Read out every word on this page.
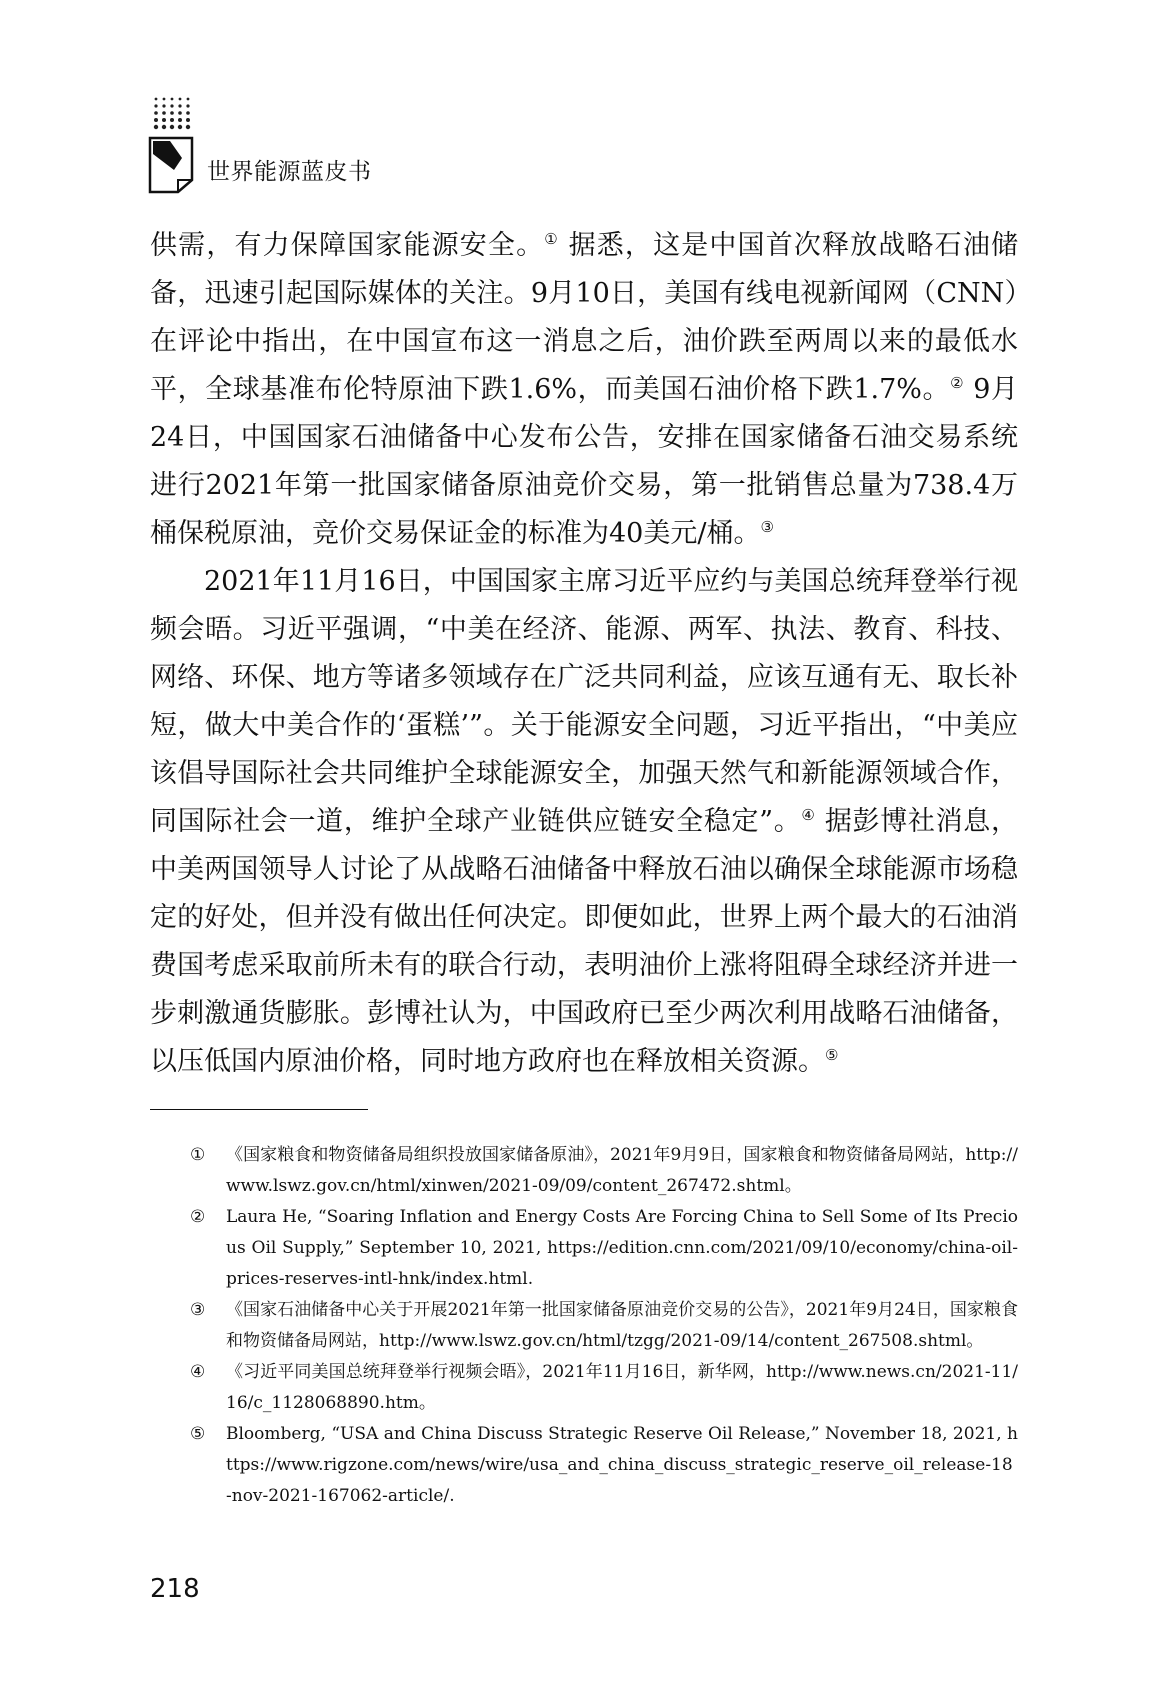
世界能源蓝皮书

供需，有力保障国家能源安全。① 据悉，这是中国首次释放战略石油储备，迅速引起国际媒体的关注。9月10日，美国有线电视新闻网（CNN）在评论中指出，在中国宣布这一消息之后，油价跌至两周以来的最低水平，全球基准布伦特原油下跌1.6%，而美国石油价格下跌1.7%。② 9月24日，中国国家石油储备中心发布公告，安排在国家储备石油交易系统进行2021年第一批国家储备原油竞价交易，第一批销售总量为738.4万桶保税原油，竞价交易保证金的标准为40美元/桶。③

2021年11月16日，中国国家主席习近平应约与美国总统拜登举行视频会晤。习近平强调，“中美在经济、能源、两军、执法、教育、科技、网络、环保、地方等诸多领域存在广泛共同利益，应该互通有无、取长补短，做大中美合作的‘蛋糕’”。关于能源安全问题，习近平指出，“中美应该倡导国际社会共同维护全球能源安全，加强天然气和新能源领域合作，同国际社会一道，维护全球产业链供应链安全稳定”。④ 据彭博社消息，中美两国领导人讨论了从战略石油储备中释放石油以确保全球能源市场稳定的好处，但并没有做出任何决定。即便如此，世界上两个最大的石油消费国考虑采取前所未有的联合行动，表明油价上涨将阻碍全球经济并进一步刺激通货膨胀。彭博社认为，中国政府已至少两次利用战略石油储备，以压低国内原油价格，同时地方政府也在释放相关资源。⑤

① 《国家粮食和物资储备局组织投放国家储备原油》，2021年9月9日，国家粮食和物资储备局网站，http://www.lswz.gov.cn/html/xinwen/2021-09/09/content_267472.shtml。
② Laura He, “Soaring Inflation and Energy Costs Are Forcing China to Sell Some of Its Precious Oil Supply,” September 10, 2021, https://edition.cnn.com/2021/09/10/economy/china-oil-prices-reserves-intl-hnk/index.html.
③ 《国家石油储备中心关于开展2021年第一批国家储备原油竞价交易的公告》，2021年9月24日，国家粮食和物资储备局网站，http://www.lswz.gov.cn/html/tzgg/2021-09/14/content_267508.shtml。
④ 《习近平同美国总统拜登举行视频会晤》，2021年11月16日，新华网，http://www.news.cn/2021-11/16/c_1128068890.htm。
⑤ Bloomberg, “USA and China Discuss Strategic Reserve Oil Release,” November 18, 2021, https://www.rigzone.com/news/wire/usa_and_china_discuss_strategic_reserve_oil_release-18-nov-2021-167062-article/.
218
